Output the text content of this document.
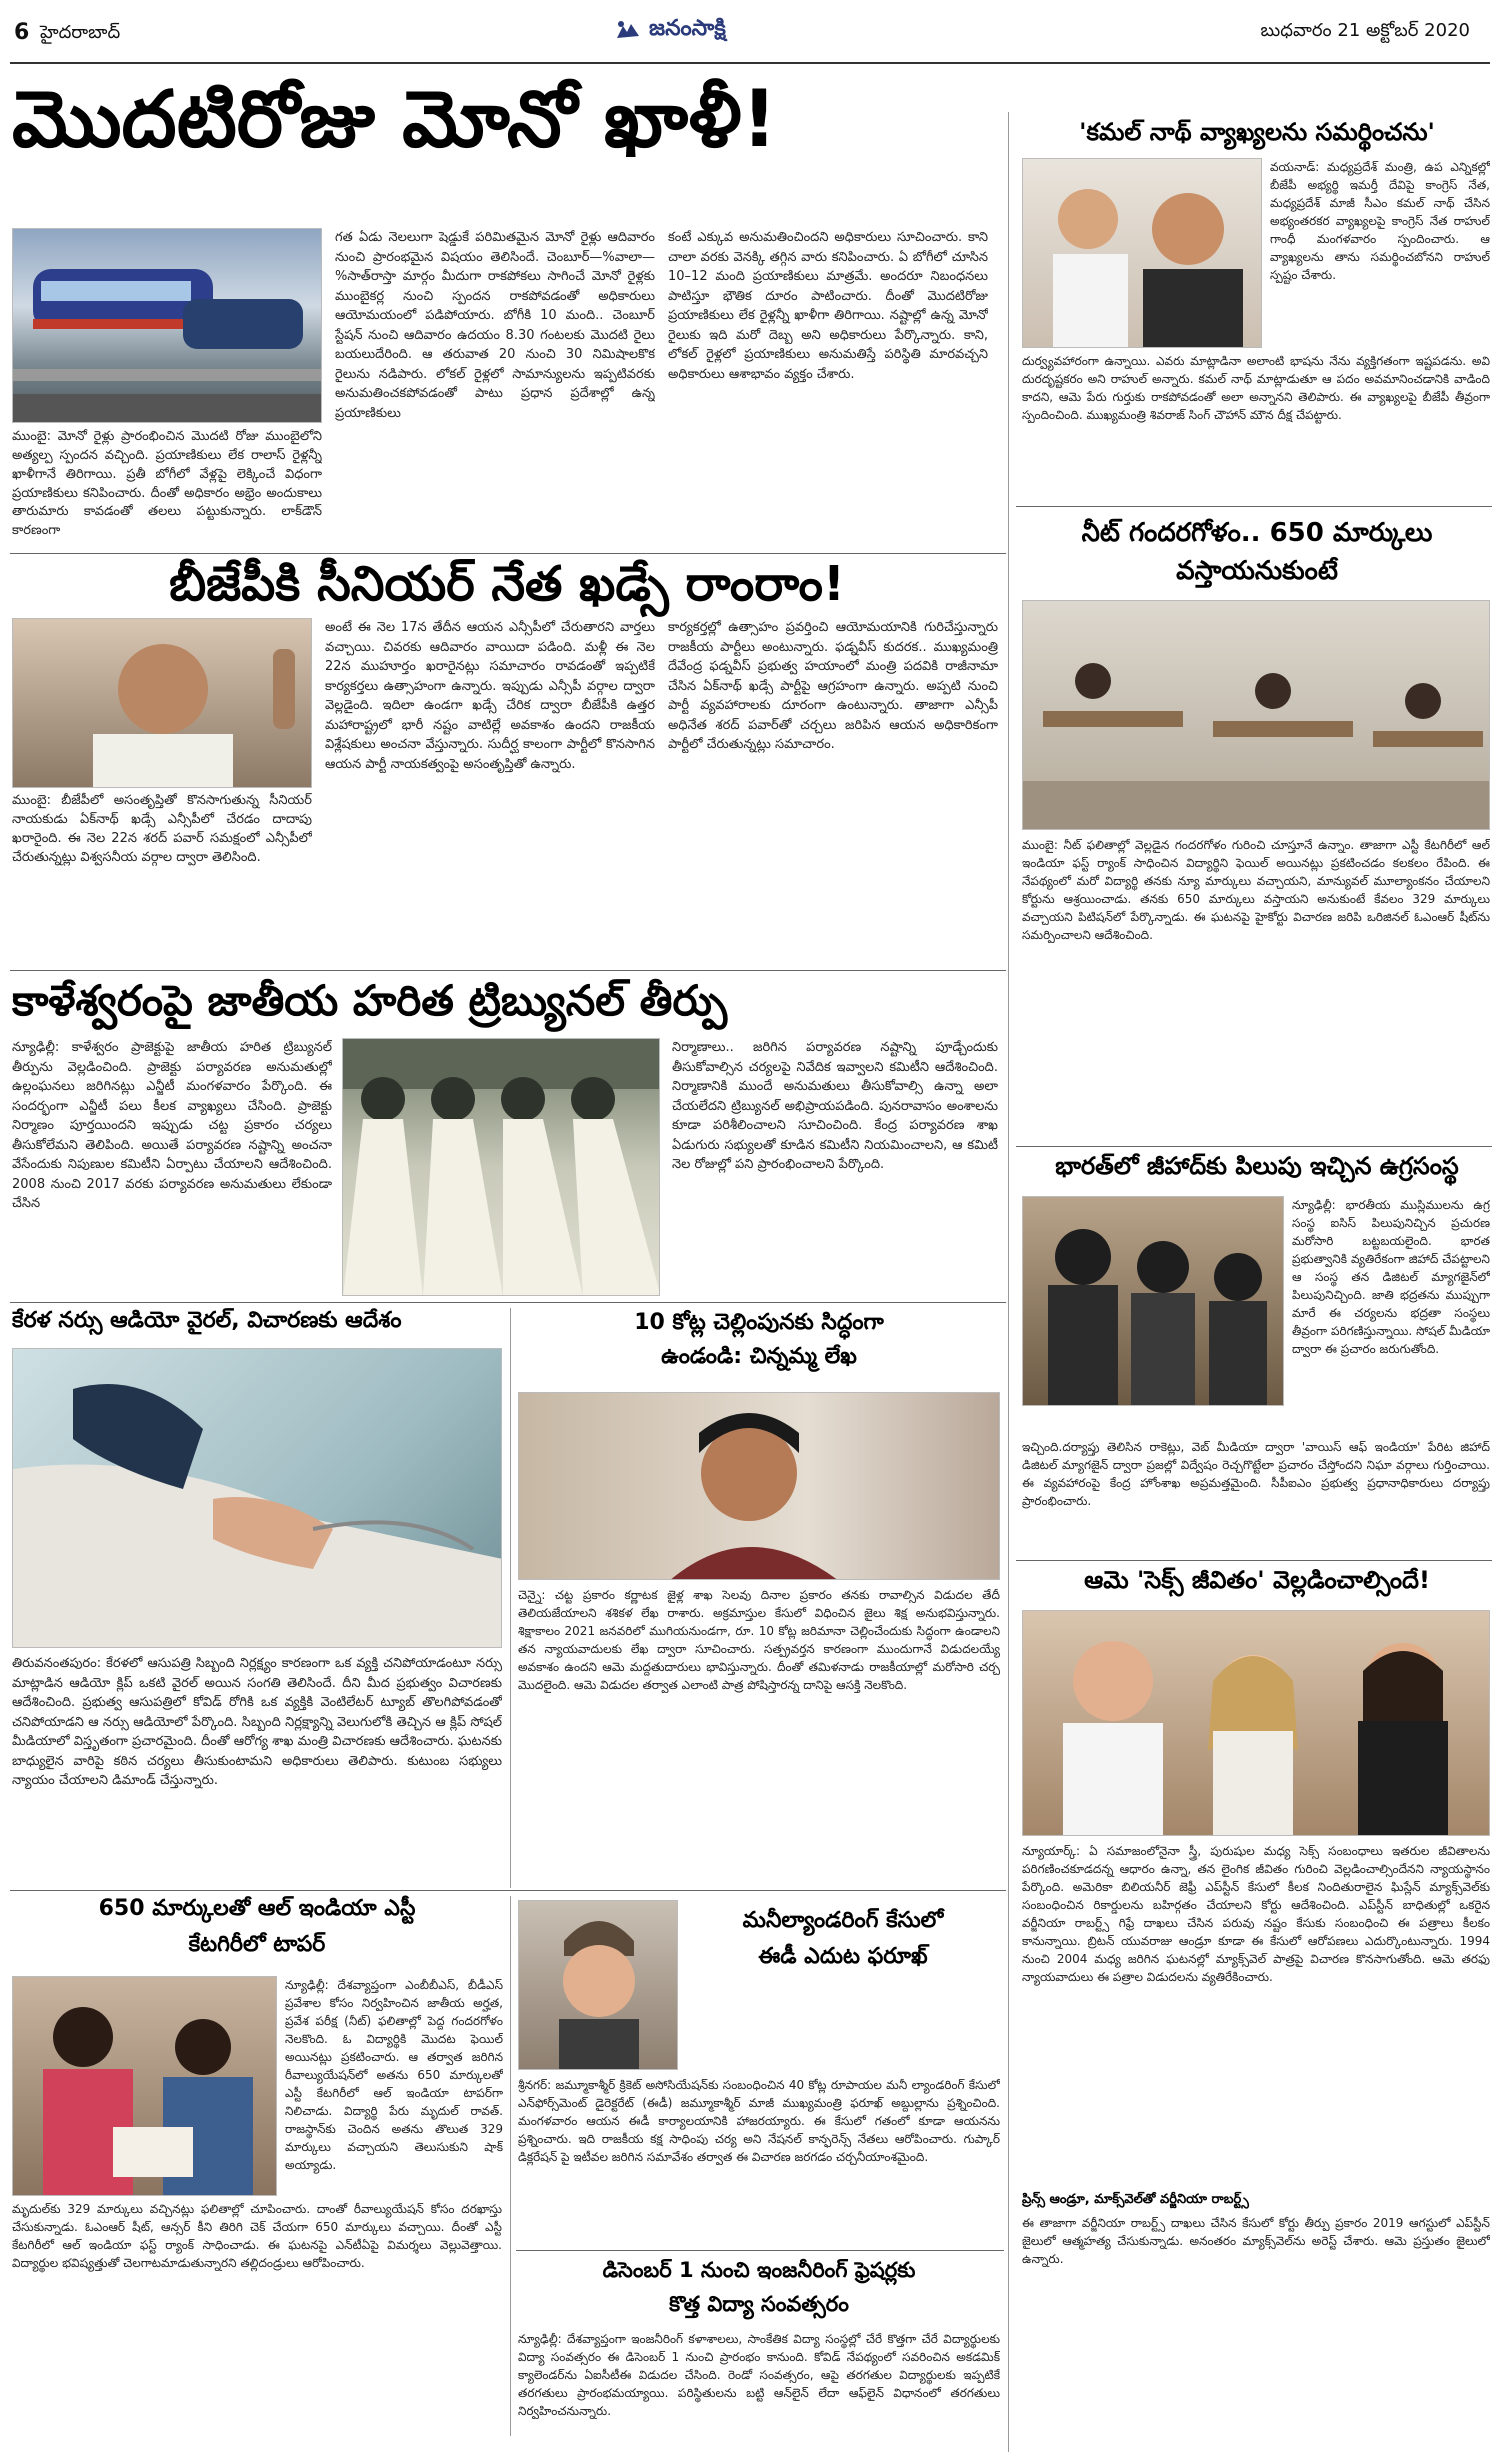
6 హైదరాబాద్	జనంసాక్షి	బుధవారం 21 అక్టోబర్ 2020
మొదటిరోజు మోనో ఖాళీ!
ముంబై: మోనో రైళ్లు ప్రారంభించిన మొదటి రోజు ముంబైలోని అత్యల్ప స్పందన వచ్చింది. ప్రయాణికులు లేక రాలాస్ రైళ్లన్నీ ఖాళీగానే తిరిగాయి. ప్రతీ బోగీలో వేళ్లపై లెక్కించే విధంగా ప్రయాణికులు కనిపించారు. దీంతో అధికారం అభ్రెం అందుకాలు తారుమారు కావడంతో తలలు పట్టుకున్నారు. లాక్‌డౌన్ కారణంగా
గత ఏడు నెలలుగా షెడ్డుకే పరిమితమైన మోనో రైళ్లు ఆదివారం నుంచి ప్రారంభమైన విషయం తెలిసిందే. చెంబూర్‌—%వాలా—%సాత్‌రాస్తా మార్గం మీదుగా రాకపోకలు సాగించే మోనో రైళ్లకు ముంబైకర్ల నుంచి స్పందన రాకపోవడంతో అధికారులు ఆయోమయంలో పడిపోయారు. బోగీకి 10 మంది.. చెంబూర్ స్టేషన్ నుంచి ఆదివారం ఉదయం 8.30 గంటలకు మొదటి రైలు బయలుదేరింది. ఆ తరువాత 20 నుంచి 30 నిమిషాలకొక రైలును నడిపారు. లోకల్ రైళ్లలో సామాన్యులను ఇప్పటివరకు అనుమతించకపోవడంతో పాటు ప్రధాన ప్రదేశాల్లో ఉన్న ప్రయాణికులు
కంటే ఎక్కువ అనుమతించిందని అధికారులు సూచించారు. కాని చాలా వరకు వెనక్కి తగ్గిన వారు కనిపించారు. ఏ బోగీలో చూసిన 10–12 మంది ప్రయాణికులు మాత్రమే. అందరూ నిబంధనలు పాటిస్తూ భౌతిక దూరం పాటించారు. దీంతో మొదటిరోజు ప్రయాణికులు లేక రైళ్లన్నీ ఖాళీగా తిరిగాయి. నష్టాల్లో ఉన్న మోనో రైలుకు ఇది మరో దెబ్బ అని అధికారులు పేర్కొన్నారు. కాని, లోకల్ రైళ్లలో ప్రయాణికులు అనుమతిస్తే పరిస్థితి మారవచ్చని అధికారులు ఆశాభావం వ్యక్తం చేశారు.
'కమల్ నాథ్ వ్యాఖ్యలను సమర్థించను'
వయనాడ్: మధ్యప్రదేశ్ మంత్రి, ఉప ఎన్నికల్లో బీజేపీ అభ్యర్థి ఇమర్తీ దేవిపై కాంగ్రెస్ నేత, మధ్యప్రదేశ్ మాజీ సీఎం కమల్ నాథ్ చేసిన అభ్యంతరకర వ్యాఖ్యలపై కాంగ్రెస్ నేత రాహుల్ గాంధీ మంగళవారం స్పందించారు. ఆ వ్యాఖ్యలను తాను సమర్థించబోనని రాహుల్ స్పష్టం చేశారు.
దుర్వ్యవహారంగా ఉన్నాయి. ఎవరు మాట్లాడినా అలాంటి భాషను నేను వ్యక్తిగతంగా ఇష్టపడను. అవి దురదృష్టకరం అని రాహుల్ అన్నారు. కమల్ నాథ్ మాట్లాడుతూ ఆ పదం అవమానించడానికి వాడింది కాదని, ఆమె పేరు గుర్తుకు రాకపోవడంతో అలా అన్నానని తెలిపారు. ఈ వ్యాఖ్యలపై బీజేపీ తీవ్రంగా స్పందించింది. ముఖ్యమంత్రి శివరాజ్ సింగ్ చౌహాన్ మౌన దీక్ష చేపట్టారు.
నీట్ గందరగోళం.. 650 మార్కులు
వస్తాయనుకుంటే
ముంబై: నీట్ ఫలితాల్లో వెల్లడైన గందరగోళం గురించి చూస్తూనే ఉన్నాం. తాజాగా ఎస్టీ కేటగిరీలో ఆల్ ఇండియా ఫస్ట్ ర్యాంక్ సాధించిన విద్యార్థిని ఫెయిల్ అయినట్లు ప్రకటించడం కలకలం రేపింది. ఈ నేపథ్యంలో మరో విద్యార్థి తనకు న్యూ మార్కులు వచ్చాయని, మాన్యువల్ మూల్యాంకనం చేయాలని కోర్టును ఆశ్రయించాడు. తనకు 650 మార్కులు వస్తాయని అనుకుంటే కేవలం 329 మార్కులు వచ్చాయని పిటిషన్‌లో పేర్కొన్నాడు. ఈ ఘటనపై హైకోర్టు విచారణ జరిపి ఒరిజినల్ ఓఎంఆర్ షీట్‌ను సమర్పించాలని ఆదేశించింది.
బీజేపీకి సీనియర్ నేత ఖడ్సే రాంరాం!
ముంబై: బీజేపీలో అసంతృప్తితో కొనసాగుతున్న సీనియర్ నాయకుడు ఏక్‌నాథ్ ఖడ్సే ఎన్సీపీలో చేరడం దాదాపు ఖరారైంది. ఈ నెల 22న శరద్ పవార్ సమక్షంలో ఎన్సీపీలో చేరుతున్నట్లు విశ్వసనీయ వర్గాల ద్వారా తెలిసింది.
అంటే ఈ నెల 17న తేదీన ఆయన ఎన్సీపీలో చేరుతారని వార్తలు వచ్చాయి. చివరకు ఆదివారం వాయిదా పడింది. మళ్లీ ఈ నెల 22న ముహూర్తం ఖరారైనట్లు సమాచారం రావడంతో ఇప్పటికే కార్యకర్తలు ఉత్సాహంగా ఉన్నారు. ఇప్పుడు ఎన్సీపీ వర్గాల ద్వారా వెల్లడైంది. ఇదిలా ఉండగా ఖడ్సే చేరిక ద్వారా బీజేపీకి ఉత్తర మహారాష్ట్రలో భారీ నష్టం వాటిల్లే అవకాశం ఉందని రాజకీయ విశ్లేషకులు అంచనా వేస్తున్నారు. సుదీర్ఘ కాలంగా పార్టీలో కొనసాగిన ఆయన పార్టీ నాయకత్వంపై అసంతృప్తితో ఉన్నారు.
కార్యకర్తల్లో ఉత్సాహం ప్రవర్తించి ఆయోమయానికి గురిచేస్తున్నారు రాజకీయ పార్టీలు అంటున్నారు. ఫడ్నవీస్ కుదరక.. ముఖ్యమంత్రి దేవేంద్ర ఫడ్నవీస్ ప్రభుత్వ హయాంలో మంత్రి పదవికి రాజీనామా చేసిన ఏక్‌నాథ్ ఖడ్సే పార్టీపై ఆగ్రహంగా ఉన్నారు. అప్పటి నుంచి పార్టీ వ్యవహారాలకు దూరంగా ఉంటున్నారు. తాజాగా ఎన్సీపీ అధినేత శరద్ పవార్‌తో చర్చలు జరిపిన ఆయన అధికారికంగా పార్టీలో చేరుతున్నట్లు సమాచారం.
కాళేశ్వరంపై జాతీయ హరిత ట్రిబ్యునల్ తీర్పు
న్యూఢిల్లీ: కాళేశ్వరం ప్రాజెక్టుపై జాతీయ హరిత ట్రిబ్యునల్ తీర్పును వెల్లడించింది. ప్రాజెక్టు పర్యావరణ అనుమతుల్లో ఉల్లంఘనలు జరిగినట్లు ఎన్జీటీ మంగళవారం పేర్కొంది. ఈ సందర్భంగా ఎన్జీటీ పలు కీలక వ్యాఖ్యలు చేసింది. ప్రాజెక్టు నిర్మాణం పూర్తయిందని ఇప్పుడు చట్ట ప్రకారం చర్యలు తీసుకోలేమని తెలిపింది. అయితే పర్యావరణ నష్టాన్ని అంచనా వేసేందుకు నిపుణుల కమిటీని ఏర్పాటు చేయాలని ఆదేశించింది. 2008 నుంచి 2017 వరకు పర్యావరణ అనుమతులు లేకుండా చేసిన
నిర్మాణాలు.. జరిగిన పర్యావరణ నష్టాన్ని పూడ్చేందుకు తీసుకోవాల్సిన చర్యలపై నివేదిక ఇవ్వాలని కమిటీని ఆదేశించింది. నిర్మాణానికి ముందే అనుమతులు తీసుకోవాల్సి ఉన్నా అలా చేయలేదని ట్రిబ్యునల్ అభిప్రాయపడింది. పునరావాసం అంశాలను కూడా పరిశీలించాలని సూచించింది. కేంద్ర పర్యావరణ శాఖ ఏడుగురు సభ్యులతో కూడిన కమిటీని నియమించాలని, ఆ కమిటీ నెల రోజుల్లో పని ప్రారంభించాలని పేర్కొంది.	భారత్‌లో జీహాద్‌కు పిలుపు ఇచ్చిన ఉగ్రసంస్థ
న్యూఢిల్లీ: భారతీయ ముస్లిములను ఉగ్ర సంస్థ ఐసిస్ పిలుపునిచ్చిన ప్రచురణ మరోసారి బట్టబయలైంది. భారత ప్రభుత్వానికి వ్యతిరేకంగా జిహాద్ చేపట్టాలని ఆ సంస్థ తన డిజిటల్ మ్యాగజైన్‌లో పిలుపునిచ్చింది. జాతి భద్రతను ముప్పుగా మారే ఈ చర్యలను భద్రతా సంస్థలు తీవ్రంగా పరిగణిస్తున్నాయి. సోషల్ మీడియా ద్వారా ఈ ప్రచారం జరుగుతోంది.
ఇచ్చింది.దర్యాప్తు తెలిసిన రాకెట్లు, వెబ్ మీడియా ద్వారా 'వాయిస్ ఆఫ్ ఇండియా' పేరిట జిహాద్ డిజిటల్ మ్యాగజైన్ ద్వారా ప్రజల్లో విద్వేషం రెచ్చగొట్టేలా ప్రచారం చేస్తోందని నిఘా వర్గాలు గుర్తించాయి. ఈ వ్యవహారంపై కేంద్ర హోంశాఖ అప్రమత్తమైంది. సీపీఐఎం ప్రభుత్వ ప్రధానాధికారులు దర్యాప్తు ప్రారంభించారు.
కేరళ నర్సు ఆడియో వైరల్, విచారణకు ఆదేశం
తిరువనంతపురం: కేరళలో ఆసుపత్రి సిబ్బంది నిర్లక్ష్యం కారణంగా ఒక వ్యక్తి చనిపోయాడంటూ నర్సు మాట్లాడిన ఆడియో క్లిప్ ఒకటి వైరల్ అయిన సంగతి తెలిసిందే. దీని మీద ప్రభుత్వం విచారణకు ఆదేశించింది. ప్రభుత్వ ఆసుపత్రిలో కోవిడ్ రోగికి ఒక వ్యక్తికి వెంటిలేటర్ ట్యూబ్ తొలగిపోవడంతో చనిపోయాడని ఆ నర్సు ఆడియోలో పేర్కొంది. సిబ్బంది నిర్లక్ష్యాన్ని వెలుగులోకి తెచ్చిన ఆ క్లిప్ సోషల్ మీడియాలో విస్తృతంగా ప్రచారమైంది. దీంతో ఆరోగ్య శాఖ మంత్రి విచారణకు ఆదేశించారు. ఘటనకు బాధ్యులైన వారిపై కఠిన చర్యలు తీసుకుంటామని అధికారులు తెలిపారు. కుటుంబ సభ్యులు న్యాయం చేయాలని డిమాండ్ చేస్తున్నారు.
10 కోట్ల చెల్లింపునకు సిద్ధంగా
ఉండండి: చిన్నమ్మ లేఖ
చెన్నై: చట్ట ప్రకారం కర్ణాటక జైళ్ల శాఖ సెలవు దినాల ప్రకారం తనకు రావాల్సిన విడుదల తేదీ తెలియజేయాలని శశికళ లేఖ రాశారు. అక్రమాస్తుల కేసులో విధించిన జైలు శిక్ష అనుభవిస్తున్నారు. శిక్షాకాలం 2021 జనవరిలో ముగియనుండగా, రూ. 10 కోట్ల జరిమానా చెల్లించేందుకు సిద్ధంగా ఉండాలని తన న్యాయవాదులకు లేఖ ద్వారా సూచించారు. సత్ప్రవర్తన కారణంగా ముందుగానే విడుదలయ్యే అవకాశం ఉందని ఆమె మద్దతుదారులు భావిస్తున్నారు. దీంతో తమిళనాడు రాజకీయాల్లో మరోసారి చర్చ మొదలైంది. ఆమె విడుదల తర్వాత ఎలాంటి పాత్ర పోషిస్తారన్న దానిపై ఆసక్తి నెలకొంది.
ఆమె 'సెక్స్ జీవితం' వెల్లడించాల్సిందే!
న్యూయార్క్: ఏ సమాజంలోనైనా స్త్రీ, పురుషుల మధ్య సెక్స్ సంబంధాలు ఇతరుల జీవితాలను పరిగణించకూడదన్న ఆధారం ఉన్నా, తన లైంగిక జీవితం గురించి వెల్లడించాల్సిందేనని న్యాయస్థానం పేర్కొంది. అమెరికా బిలియనీర్ జెఫ్రీ ఎప్‌స్టీన్ కేసులో కీలక నిందితురాలైన ఘిస్లేన్ మ్యాక్స్‌వెల్‌కు సంబంధించిన రికార్డులను బహిర్గతం చేయాలని కోర్టు ఆదేశించింది. ఎప్‌స్టీన్ బాధితుల్లో ఒకరైన వర్జీనియా రాబర్ట్స్ గిఫ్రే దాఖలు చేసిన పరువు నష్టం కేసుకు సంబంధించి ఈ పత్రాలు కీలకం కానున్నాయి. బ్రిటన్ యువరాజు ఆండ్రూ కూడా ఈ కేసులో ఆరోపణలు ఎదుర్కొంటున్నారు. 1994 నుంచి 2004 మధ్య జరిగిన ఘటనల్లో మ్యాక్స్‌వెల్ పాత్రపై విచారణ కొనసాగుతోంది. ఆమె తరఫు న్యాయవాదులు ఈ పత్రాల విడుదలను వ్యతిరేకించారు.
ప్రిన్స్ ఆండ్రూ, మాక్స్‌వెల్‌తో వర్జీనియా రాబర్ట్స్
ఈ తాజాగా వర్జీనియా రాబర్ట్స్ దాఖలు చేసిన కేసులో కోర్టు తీర్పు ప్రకారం 2019 ఆగస్టులో ఎప్‌స్టీన్ జైలులో ఆత్మహత్య చేసుకున్నాడు. అనంతరం మ్యాక్స్‌వెల్‌ను అరెస్ట్ చేశారు. ఆమె ప్రస్తుతం జైలులో ఉన్నారు.
650 మార్కులతో ఆల్ ఇండియా ఎస్టీ
కేటగిరీలో టాపర్
న్యూఢిల్లీ: దేశవ్యాప్తంగా ఎంబీబీఎస్, బీడీఎస్ ప్రవేశాల కోసం నిర్వహించిన జాతీయ అర్హత, ప్రవేశ పరీక్ష (నీట్) ఫలితాల్లో పెద్ద గందరగోళం నెలకొంది. ఓ విద్యార్థికి మొదట ఫెయిల్ అయినట్లు ప్రకటించారు. ఆ తర్వాత జరిగిన రీవాల్యుయేషన్‌లో అతను 650 మార్కులతో ఎస్టీ కేటగిరీలో ఆల్ ఇండియా టాపర్‌గా నిలిచాడు. విద్యార్థి పేరు మృదుల్ రావత్. రాజస్థాన్‌కు చెందిన అతను తొలుత 329 మార్కులు వచ్చాయని తెలుసుకుని షాక్ అయ్యాడు.
మృదుల్‌కు 329 మార్కులు వచ్చినట్లు ఫలితాల్లో చూపించారు. దాంతో రీవాల్యుయేషన్ కోసం దరఖాస్తు చేసుకున్నాడు. ఓఎంఆర్ షీట్, ఆన్సర్ కీని తిరిగి చెక్ చేయగా 650 మార్కులు వచ్చాయి. దీంతో ఎస్టీ కేటగిరీలో ఆల్ ఇండియా ఫస్ట్ ర్యాంక్ సాధించాడు. ఈ ఘటనపై ఎన్‌టీఏపై విమర్శలు వెల్లువెత్తాయి. విద్యార్థుల భవిష్యత్తుతో చెలగాటమాడుతున్నారని తల్లిదండ్రులు ఆరోపించారు.
మనీల్యాండరింగ్ కేసులో
ఈడీ ఎదుట ఫరూఖ్
శ్రీనగర్: జమ్మూకాశ్మీర్ క్రికెట్ అసోసియేషన్‌కు సంబంధించిన 40 కోట్ల రూపాయల మనీ ల్యాండరింగ్ కేసులో ఎన్‌ఫోర్స్‌మెంట్ డైరెక్టరేట్ (ఈడీ) జమ్మూకాశ్మీర్ మాజీ ముఖ్యమంత్రి ఫరూఖ్ అబ్దుల్లాను ప్రశ్నించింది. మంగళవారం ఆయన ఈడీ కార్యాలయానికి హాజరయ్యారు. ఈ కేసులో గతంలో కూడా ఆయనను ప్రశ్నించారు. ఇది రాజకీయ కక్ష సాధింపు చర్య అని నేషనల్ కాన్ఫరెన్స్ నేతలు ఆరోపించారు. గుప్కార్ డిక్లరేషన్ పై ఇటీవల జరిగిన సమావేశం తర్వాత ఈ విచారణ జరగడం చర్చనీయాంశమైంది.
డిసెంబర్ 1 నుంచి ఇంజనీరింగ్ ఫ్రెషర్లకు
కొత్త విద్యా సంవత్సరం
న్యూఢిల్లీ: దేశవ్యాప్తంగా ఇంజనీరింగ్ కళాశాలలు, సాంకేతిక విద్యా సంస్థల్లో చేరే కొత్తగా చేరే విద్యార్థులకు విద్యా సంవత్సరం ఈ డిసెంబర్ 1 నుంచి ప్రారంభం కానుంది. కోవిడ్ నేపథ్యంలో సవరించిన అకడమిక్ క్యాలెండర్‌ను ఏఐసీటీఈ విడుదల చేసింది. రెండో సంవత్సరం, ఆపై తరగతుల విద్యార్థులకు ఇప్పటికే తరగతులు ప్రారంభమయ్యాయి. పరిస్థితులను బట్టి ఆన్‌లైన్ లేదా ఆఫ్‌లైన్ విధానంలో తరగతులు నిర్వహించనున్నారు.
